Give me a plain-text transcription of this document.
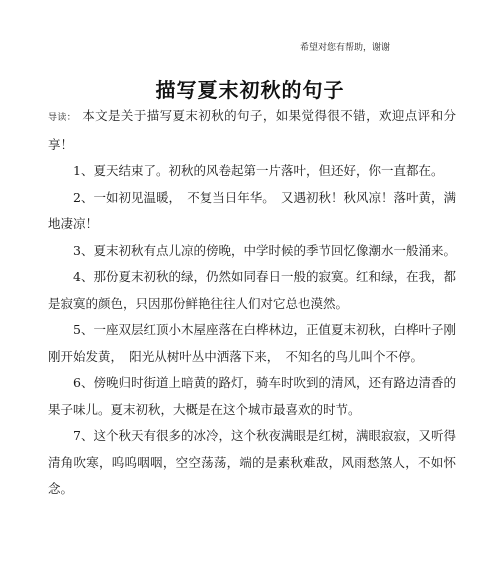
希望对您有帮助，谢谢
描写夏末初秋的句子

导读： 本文是关于描写夏末初秋的句子，如果觉得很不错，欢迎点评和分享！

1、夏天结束了。初秋的风卷起第一片落叶，但还好，你一直都在。

2、一如初见温暖，　不复当日年华。　又遇初秋！秋风凉！落叶黄，满地凄凉！

3、夏末初秋有点儿凉的傍晚，中学时候的季节回忆像潮水一般涌来。

4、那份夏末初秋的绿，仍然如同春日一般的寂寞。红和绿，在我，都是寂寞的颜色，只因那份鲜艳往往人们对它总也漠然。

5、一座双层红顶小木屋座落在白桦林边，正值夏末初秋，白桦叶子刚刚开始发黄，　阳光从树叶丛中洒落下来，　不知名的鸟儿叫个不停。

6、傍晚归时街道上暗黄的路灯，骑车时吹到的清风，还有路边清香的果子味儿。夏末初秋，大概是在这个城市最喜欢的时节。

7、这个秋天有很多的冰冷，这个秋夜满眼是红树，满眼寂寂，又听得清角吹寒，呜呜咽咽，空空荡荡，端的是素秋难敌，风雨愁煞人，不如怀念。
